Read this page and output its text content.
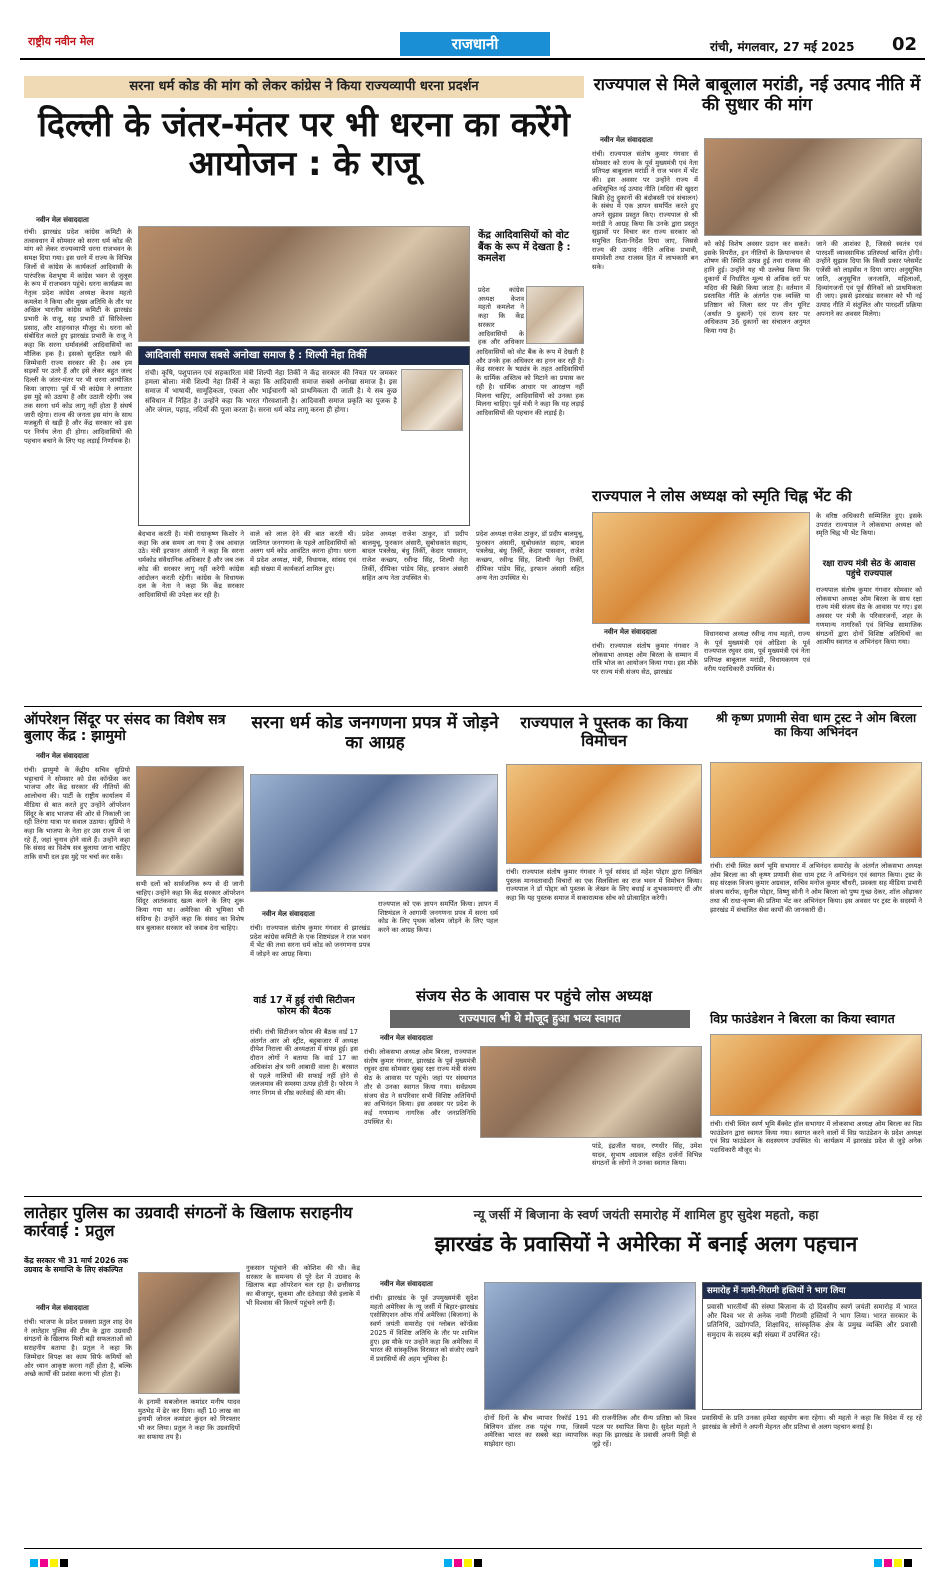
राष्ट्रीय नवीन मेल	राजधानी	रांची, मंगलवार, 27 मई 2025 02
सरना धर्म कोड की मांग को लेकर कांग्रेस ने किया राज्यव्यापी धरना प्रदर्शन
दिल्ली के जंतर-मंतर पर भी धरना का करेंगे आयोजन : के राजू
नवीन मेल संवाददाता
रांची। झारखंड प्रदेश कांग्रेस कमिटी के तत्वावधान में सोमवार को सरना धर्म कोड की मांग को लेकर राज्यव्यापी धरना राजभवन के समक्ष दिया गया। इस धरने में राज्य के विभिन्न जिलों से कांग्रेस के कार्यकर्ता आदिवासी के पारंपरिक वेशभूषा में कांग्रेस भवन से जुलूस के रूप में राजभवन पहुंचे। धरना कार्यक्रम का नेतृत्व प्रदेश कांग्रेस अध्यक्ष केशव महतो कमलेश ने किया और मुख्य अतिथि के तौर पर अखिल भारतीय कांग्रेस कमिटी के झारखंड प्रभारी के राजू, सह प्रभारी डॉ सिरिवेल्ला प्रसाद, और शाहनवाज़ मौजूद थे। धरना को संबोधित करते हुए झारखंड प्रभारी के राजू ने कहा कि सरना धर्मावलंबी आदिवासियों का मौलिक हक है। इसको सुरक्षित रखने की जिम्मेवारी राज्य सरकार की है। अब हम सड़कों पर उतरे हैं और इसे लेकर बहुत जल्द दिल्ली के जंतर-मंतर पर भी धरना आयोजित किया जाएगा। पूर्व में भी कांग्रेस ने लगातार इस मुद्दे को उठाया है और उठाती रहेगी। जब तक सरना धर्म कोड लागू नहीं होता है संघर्ष जारी रहेगा। राज्य की जनता इस मांग के साथ मजबूती से खड़ी है और केंद्र सरकार को इस पर निर्णय लेना ही होगा। आदिवासियों की पहचान बचाने के लिए यह लड़ाई निर्णायक है।
केंद्र आदिवासियों को वोट बैंक के रूप में देखता है : कमलेश
प्रदेश कांग्रेस अध्यक्ष केशव महतो कमलेश ने कहा कि केंद्र सरकार आदिवासियों के हक और अधिकार
आदिवासी समाज सबसे अनोखा समाज है : शिल्पी नेहा तिर्की
रांची। कृषि, पशुपालन एवं सहकारिता मंत्री शिल्पी नेहा तिर्की ने केंद्र सरकार की नियत पर जमकर हमला बोला। मंत्री शिल्पी नेहा तिर्की ने कहा कि आदिवासी समाज सबसे अनोखा समाज है। इस समाज में भाषायी, सामूहिकता, एकता और भाईचारगी को प्राथमिकता दी जाती है। ये सब कुछ संविधान में निहित है। उन्होंने कहा कि भारत गौरवशाली है। आदिवासी समाज प्रकृति का पूजक है और जंगल, पहाड़, नदियों की पूजा करता है। सरना धर्म कोड लागू करना ही होगा।
आदिवासियों को वोट बैंक के रूप में देखती है और उनके हक अधिकार का हनन कर रही है। केंद्र सरकार के षड्यंत्र के तहत आदिवासियों के धार्मिक अस्तित्व को मिटाने का प्रयास कर रही है। धार्मिक आधार पर आरक्षण नहीं मिलना चाहिए, आदिवासियों को उनका हक मिलना चाहिए। पूर्व मंत्री ने कहा कि यह लड़ाई आदिवासियों की पहचान की लड़ाई है।
बेदभाव करती है। मंत्री राधाकृष्ण किशोर ने कहा कि अब समय आ गया है जब आवाज़ उठे। मंत्री इरफान अंसारी ने कहा कि सरना धर्मकोड संवैधानिक अधिकार है और जब तक कोड की सरकार लागू नहीं करेगी कांग्रेस आंदोलन करती रहेगी। कांग्रेस के विधायक दल के नेता ने कहा कि केंद्र सरकार आदिवासियों की उपेक्षा कर रही है।
वाले को लाल देने की बात करती थी। जातिगत जनगणना के पहले आदिवासियों को अलग धर्म कोड आवंटित करना होगा। धरना में प्रदेश अध्यक्ष, मंत्री, विधायक, सांसद एवं बड़ी संख्या में कार्यकर्ता शामिल हुए।
प्रदेश अध्यक्ष राजेश ठाकुर, डॉ प्रदीप बालमुचू, फुरकान अंसारी, सुबोधकांत सहाय, बादल पत्रलेख, बंधु तिर्की, केदार पासवान, राजेश कच्छप, रवीन्द्र सिंह, शिल्पी नेहा तिर्की, दीपिका पांडेय सिंह, इरफान अंसारी सहित अन्य नेता उपस्थित थे।
प्रदेश अध्यक्ष राजेश ठाकुर, डॉ प्रदीप बालमुचू, फुरकान अंसारी, सुबोधकांत सहाय, बादल पत्रलेख, बंधु तिर्की, केदार पासवान, राजेश कच्छप, रवीन्द्र सिंह, शिल्पी नेहा तिर्की, दीपिका पांडेय सिंह, इरफान अंसारी सहित अन्य नेता उपस्थित थे।
राज्यपाल से मिले बाबूलाल मरांडी, नई उत्पाद नीति में की सुधार की मांग
नवीन मेल संवाददाता
रांची। राज्यपाल संतोष कुमार गंगवार से सोमवार को राज्य के पूर्व मुख्यमंत्री एवं नेता प्रतिपक्ष बाबूलाल मरांडी ने राज भवन में भेंट की। इस अवसर पर उन्होंने राज्य में अधिसूचित नई उत्पाद नीति (मदिरा की खुदरा बिक्री हेतु दुकानों की बंदोबस्ती एवं संचालन) के संबंध में एक ज्ञापन समर्पित करते हुए अपने सुझाव प्रस्तुत किए। राज्यपाल से श्री मरांडी ने आग्रह किया कि उनके द्वारा प्रस्तुत सुझावों पर विचार कर राज्य सरकार को समुचित दिशा-निर्देश दिया जाए, जिससे राज्य की उत्पाद नीति अधिक प्रभावी, समावेशी तथा राजस्व हित में लाभकारी बन सके।
को कोई विशेष अवसर प्रदान कर सकते। इसके विपरीत, इन नीतियों के क्रियान्वयन से शोषण की स्थिति उत्पन्न हुई तथा राजस्व की हानि हुई। उन्होंने यह भी उल्लेख किया कि दुकानों में निर्धारित मूल्य से अधिक दरों पर मदिरा की बिक्री किया जाता है। वर्तमान में प्रस्तावित नीति के अंतर्गत एक व्यक्ति या प्रतिष्ठान को जिला स्तर पर तीन यूनिट (अर्थात 9 दुकानें) एवं राज्य स्तर पर अधिकतम 36 दुकानों का संचालन अनुमत किया गया है।
जाने की आशंका है, जिससे स्वतंत्र एवं पारदर्शी व्यावसायिक प्रतिस्पर्धा बाधित होगी। उन्होंने सुझाव दिया कि किसी प्रकार प्लेसमेंट एजेंसी को लाइसेंस न दिया जाए। अनुसूचित जाति, अनुसूचित जनजाति, महिलाओं, दिव्यांगजनों एवं पूर्व सैनिकों को प्राथमिकता दी जाए। इससे झारखंड सरकार को भी नई उत्पाद नीति में संतुलित और पारदर्शी प्रक्रिया अपनाने का अवसर मिलेगा।
राज्यपाल ने लोस अध्यक्ष को स्मृति चिह्न भेंट की
नवीन मेल संवाददाता
रांची। राज्यपाल संतोष कुमार गंगवार ने लोकसभा अध्यक्ष ओम बिरला के सम्मान में रात्रि भोज का आयोजन किया गया। इस मौके पर राज्य मंत्री संजय सेठ, झारखंड
विधानसभा अध्यक्ष रवीन्द्र नाथ महतो, राज्य के पूर्व मुख्यमंत्री एवं ओडिशा के पूर्व राज्यपाल रघुवर दास, पूर्व मुख्यमंत्री एवं नेता प्रतिपक्ष बाबूलाल मरांडी, विधायकगण एवं वरीय पदाधिकारी उपस्थित थे।
के वरिष्ठ अधिकारी सम्मिलित हुए। इसके उपरांत राज्यपाल ने लोकसभा अध्यक्ष को स्मृति चिह्न भी भेंट किया।
रक्षा राज्य मंत्री सेठ के आवास पहुंचे राज्यपाल
राज्यपाल संतोष कुमार गंगवार सोमवार को लोकसभा अध्यक्ष ओम बिरला के साथ रक्षा राज्य मंत्री संजय सेठ के आवास पर गए। इस अवसर पर मंत्री के परिवारजनों, शहर के गणमान्य नागरिकों एवं विभिन्न सामाजिक संगठनों द्वारा दोनों विशिष्ट अतिथियों का आत्मीय स्वागत व अभिनंदन किया गया।
ऑपरेशन सिंदूर पर संसद का विशेष सत्र बुलाए केंद्र : झामुमो
नवीन मेल संवाददाता
रांची। झामुमो के केंद्रीय सचिव सुप्रियो भट्टाचार्य ने सोमवार को प्रेस कॉन्फ्रेंस कर भाजपा और केंद्र सरकार की नीतियों की आलोचना की। पार्टी के राष्ट्रीय कार्यालय में मीडिया से बात करते हुए उन्होंने ऑपरेशन सिंदूर के बाद भाजपा की ओर से निकाली जा रही तिरंगा यात्रा पर सवाल उठाया। सुप्रियो ने कहा कि भाजपा के नेता हर उस राज्य में जा रहे हैं, जहां चुनाव होने वाले हैं। उन्होंने कहा कि संसद का विशेष सत्र बुलाया जाना चाहिए ताकि सभी दल इस मुद्दे पर चर्चा कर सकें।
सभी दलों को सार्वजनिक रूप से दी जानी चाहिए। उन्होंने कहा कि केंद्र सरकार ऑपरेशन सिंदूर आतंकवाद खत्म करने के लिए शुरू किया गया था। अमेरिका की भूमिका भी संदिग्ध है। उन्होंने कहा कि संसद का विशेष सत्र बुलाकर सरकार को जवाब देना चाहिए।
सरना धर्म कोड जनगणना प्रपत्र में जोड़ने का आग्रह
नवीन मेल संवाददाता
रांची। राज्यपाल संतोष कुमार गंगवार से झारखंड प्रदेश कांग्रेस कमिटी के एक शिष्टमंडल ने राज भवन में भेंट की तथा सरना धर्म कोड को जनगणना प्रपत्र में जोड़ने का आग्रह किया।
राज्यपाल को एक ज्ञापन समर्पित किया। ज्ञापन में शिष्टमंडल ने आगामी जनगणना प्रपत्र में सरना धर्म कोड के लिए पृथक कॉलम जोड़ने के लिए पहल करने का आग्रह किया।
राज्यपाल ने पुस्तक का किया विमोचन
रांची। राज्यपाल संतोष कुमार गंगवार ने पूर्व सांसद डॉ महेश पोद्दार द्वारा लिखित पुस्तक मानवतावादी विचारों का एक सिलसिला का राज भवन में विमोचन किया। राज्यपाल ने डॉ पोद्दार को पुस्तक के लेखन के लिए बधाई व शुभकामनाएं दीं और कहा कि यह पुस्तक समाज में सकारात्मक सोच को प्रोत्साहित करेगी।
श्री कृष्ण प्रणामी सेवा धाम ट्रस्ट ने ओम बिरला का किया अभिनंदन
रांची। रांची स्थित स्वर्ण भूमि सभागार में अभिनंदन समारोह के अंतर्गत लोकसभा अध्यक्ष ओम बिरला का श्री कृष्ण प्रणामी सेवा धाम ट्रस्ट ने अभिनंदन एवं स्वागत किया। ट्रस्ट के सह संरक्षक विजय कुमार अग्रवाल, सचिव मनोज कुमार चौधरी, प्रवक्ता सह मीडिया प्रभारी संजय सर्राफ, सुनील पोद्दार, विष्णु सोनी ने ओम बिरला को पुष्प गुच्छ देकर, शॉल ओढ़ाकर तथा श्री राधा-कृष्ण की प्रतिमा भेंट कर अभिनंदन किया। इस अवसर पर ट्रस्ट के सदस्यों ने झारखंड में संचालित सेवा कार्यों की जानकारी दी।
संजय सेठ के आवास पर पहुंचे लोस अध्यक्ष
राज्यपाल भी थे मौजूद हुआ भव्य स्वागत
नवीन मेल संवाददाता
रांची। लोकसभा अध्यक्ष ओम बिरला, राज्यपाल संतोष कुमार गंगवार, झारखंड के पूर्व मुख्यमंत्री रघुवर दास सोमवार सुबह रक्षा राज्य मंत्री संजय सेठ के आवास पर पहुंचे। जहां पर संस्थागत तौर से उनका स्वागत किया गया। सर्वप्रथम संजय सेठ ने सपरिवार सभी विशिष्ट अतिथियों का अभिनंदन किया। इस अवसर पर प्रदेश के कई गणमान्य नागरिक और जनप्रतिनिधि उपस्थित थे।
पांडे, इंद्रजीत यादव, रणधीर सिंह, उमेश यादव, सुभाष अग्रवाल सहित दर्जनों विभिन्न संगठनों के लोगों ने उनका स्वागत किया।
वार्ड 17 में हुई रांची सिटीजन फोरम की बैठक
रांची। रांची सिटीजन फोरम की बैठक वार्ड 17 अंतर्गत आर ओ स्ट्रीट, बहुबाजार में अध्यक्ष दीपेश निराला की अध्यक्षता में संपन्न हुई। इस दौरान लोगों ने बताया कि वार्ड 17 का अधिकांश क्षेत्र घनी आबादी वाला है। बरसात से पहले नालियों की सफाई नहीं होने से जलजमाव की समस्या उत्पन्न होती है। फोरम ने नगर निगम से शीघ्र कार्रवाई की मांग की।
विप्र फाउंडेशन ने बिरला का किया स्वागत
रांची। रांची स्थित स्वर्ण भूमि बैंक्वेट हॉल सभागार में लोकसभा अध्यक्ष ओम बिरला का विप्र फाउंडेशन द्वारा स्वागत किया गया। स्वागत करने वालों में विप्र फाउंडेशन के प्रदेश अध्यक्ष एवं विप्र फाउंडेशन के सदस्यगण उपस्थित थे। कार्यक्रम में झारखंड प्रदेश से जुड़े अनेक पदाधिकारी मौजूद थे।
लातेहार पुलिस का उग्रवादी संगठनों के खिलाफ सराहनीय कार्रवाई : प्रतुल
केंद्र सरकार भी 31 मार्च 2026 तक उग्रवाद के समाप्ति के लिए संकल्पित
नवीन मेल संवाददाता
रांची। भाजपा के प्रदेश प्रवक्ता प्रतुल शाह देव ने लातेहार पुलिस की टीम के द्वारा उग्रवादी संगठनों के खिलाफ मिली बड़ी सफलताओं को सराहनीय बताया है। प्रतुल ने कहा कि जिम्मेदार विपक्ष का काम सिर्फ कमियों को ओर ध्यान आकृष्ट करना नहीं होता है, बल्कि अच्छे कार्यों की प्रशंसा करना भी होता है।
के इनामी सबजोनल कमांडर मनीष यादव मुठभेड़ में ढेर कर दिया। वहीं 10 लाख का इनामी जोनल कमांडर कुंदन को गिरफ्तार भी कर लिया। प्रतुल ने कहा कि उग्रवादियों का सफाया तय है।
नुकसान पहुंचाने की कोशिश की थी। केंद्र सरकार के समन्वय से पूरे देश में उग्रवाद के खिलाफ बड़ा ऑपरेशन चल रहा है। छत्तीसगढ़ का बीजापुर, सुकमा और दंतेवाड़ा जैसे इलाके में भी विश्वास की किरणें पहुंचने लगी हैं।
न्यू जर्सी में बिजाना के स्वर्ण जयंती समारोह में शामिल हुए सुदेश महतो, कहा
झारखंड के प्रवासियों ने अमेरिका में बनाई अलग पहचान
नवीन मेल संवाददाता
रांची। झारखंड के पूर्व उपमुख्यमंत्री सुदेश महतो अमेरिका के न्यू जर्सी में बिहार-झारखंड एसोसिएशन ऑफ नॉर्थ अमेरिका (बिजाना) के स्वर्ण जयंती समारोह एवं ग्लोबल कॉन्फ्रेंस 2025 में विशिष्ट अतिथि के तौर पर शामिल हुए। इस मौके पर उन्होंने कहा कि अमेरिका में भारत की सांस्कृतिक विरासत को संजोए रखने में प्रवासियों की अहम भूमिका है।
दोनों दिनों के बीच व्यापार रिकॉर्ड 191 बिलियन डॉलर तक पहुंच गया, जिसमें अमेरिका भारत का सबसे बड़ा व्यापारिक साझेदार रहा।
की राजनीतिक और सैन्य प्रतिष्ठा को विश्व पटल पर स्थापित किया है। सुदेश महतो ने कहा कि झारखंड के प्रवासी अपनी मिट्टी से जुड़े रहें।
समारोह में नामी-गिरामी हस्तियों ने भाग लिया
प्रवासी भारतीयों की संस्था बिजाना के दो दिवसीय स्वर्ण जयंती समारोह में भारत और विश्व भर से अनेक नामी गिरामी हस्तियों ने भाग लिया। भारत सरकार के प्रतिनिधि, उद्योगपति, शिक्षाविद, सांस्कृतिक क्षेत्र के प्रमुख व्यक्ति और प्रवासी समुदाय के सदस्य बड़ी संख्या में उपस्थित रहे।
प्रवासियों के प्रति उनका हमेशा सहयोग बना रहेगा। श्री महतो ने कहा कि विदेश में रह रहे झारखंड के लोगों ने अपनी मेहनत और प्रतिभा से अलग पहचान बनाई है।
